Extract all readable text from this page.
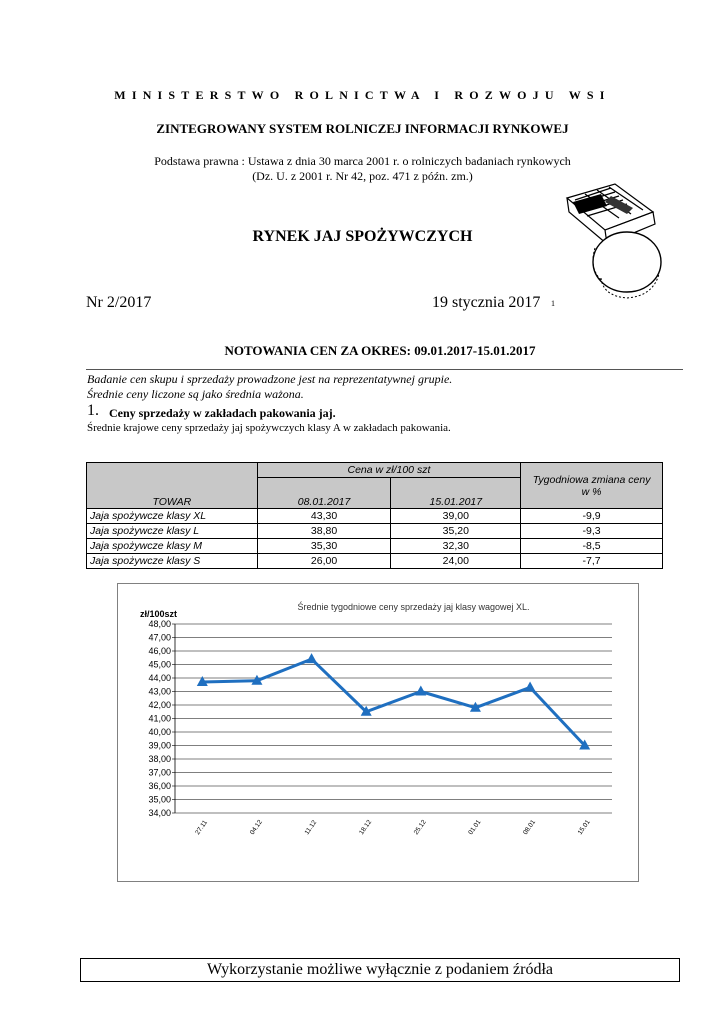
MINISTERSTWO ROLNICTWA I ROZWOJU WSI
ZINTEGROWANY SYSTEM ROLNICZEJ INFORMACJI RYNKOWEJ
Podstawa prawna : Ustawa z dnia 30 marca 2001 r. o rolniczych badaniach rynkowych
(Dz. U. z 2001 r. Nr 42, poz. 471 z późn. zm.)
RYNEK JAJ SPOŻYWCZYCH
Nr 2/2017	19 stycznia 2017 1
NOTOWANIA CEN ZA OKRES: 09.01.2017-15.01.2017
Badanie cen skupu i sprzedaży prowadzone jest na reprezentatywnej grupie.
Średnie ceny liczone są jako średnia ważona.
1. Ceny sprzedaży w zakładach pakowania jaj.
Średnie krajowe ceny sprzedaży jaj spożywczych klasy A w zakładach pakowania.
TOWAR	Cena w zł/100 szt		Tygodniowa zmiana ceny
w %

	08.01.2017	15.01.2017	
Jaja spożywcze klasy XL	43,30	39,00	-9,9
Jaja spożywcze klasy L	38,80	35,20	-9,3
Jaja spożywcze klasy M	35,30	32,30	-8,5
Jaja spożywcze klasy S	26,00	24,00	-7,7
Średnie tygodniowe ceny sprzedaży jaj klasy wagowej XL.
zł/100szt
34,00
35,00
36,00
37,00
38,00
39,00
40,00
41,00
42,00
43,00
44,00
45,00
46,00
47,00
48,00
27.11	04.12	11.12	18.12	25.12	01.01	08.01	15.01
Wykorzystanie możliwe wyłącznie z podaniem źródła
